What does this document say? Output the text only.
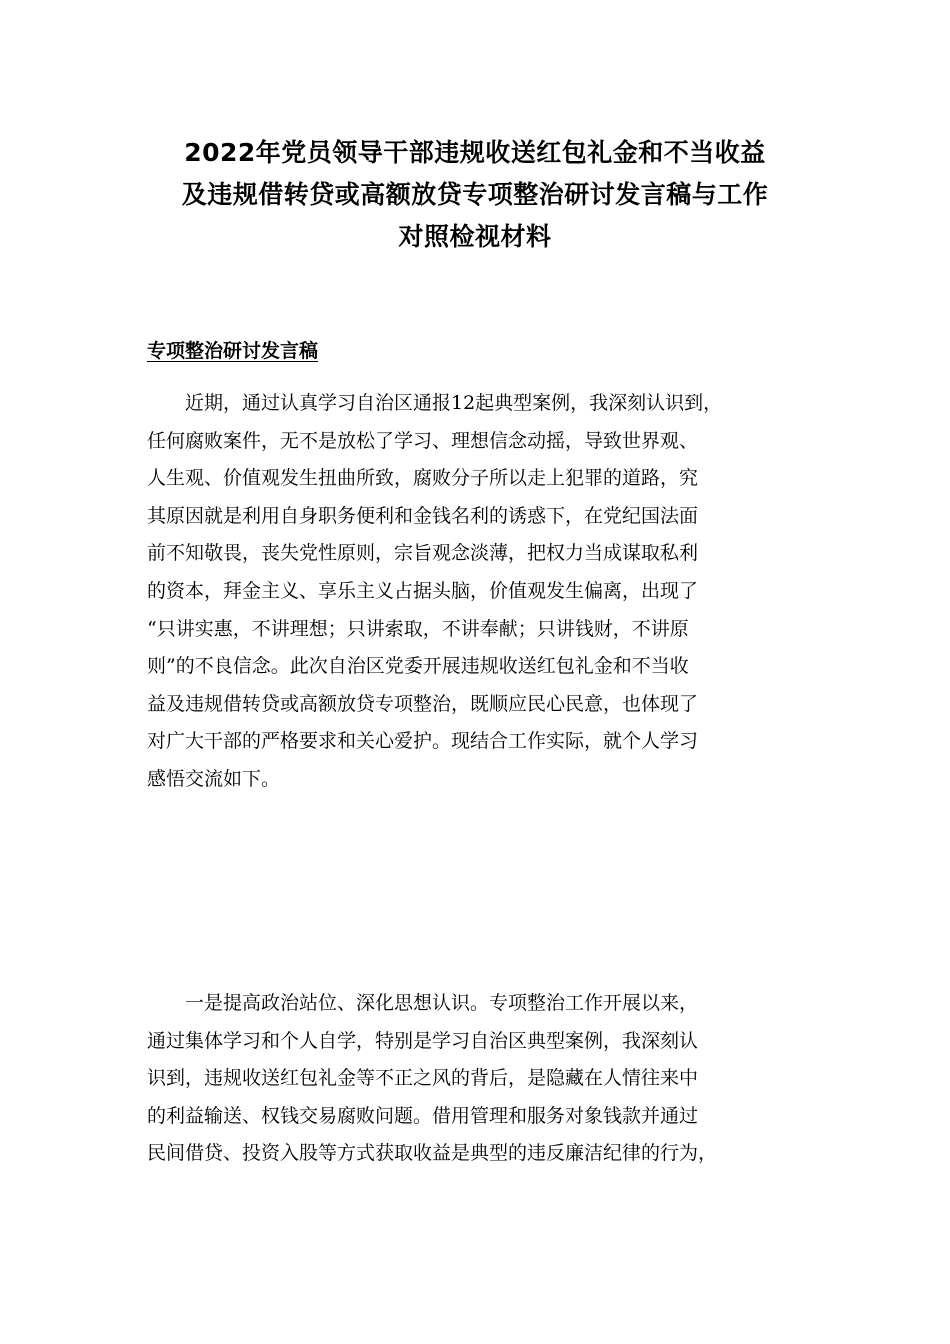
2022年党员领导干部违规收送红包礼金和不当收益
及违规借转贷或高额放贷专项整治研讨发言稿与工作
对照检视材料
专项整治研讨发言稿

　　近期，通过认真学习自治区通报12起典型案例，我深刻认识到，
任何腐败案件，无不是放松了学习、理想信念动摇，导致世界观、
人生观、价值观发生扭曲所致，腐败分子所以走上犯罪的道路，究
其原因就是利用自身职务便利和金钱名利的诱惑下，在党纪国法面
前不知敬畏，丧失党性原则，宗旨观念淡薄，把权力当成谋取私利
的资本，拜金主义、享乐主义占据头脑，价值观发生偏离，出现了
“只讲实惠，不讲理想；只讲索取，不讲奉献；只讲钱财，不讲原
则”的不良信念。此次自治区党委开展违规收送红包礼金和不当收
益及违规借转贷或高额放贷专项整治，既顺应民心民意，也体现了
对广大干部的严格要求和关心爱护。现结合工作实际，就个人学习
感悟交流如下。

　　一是提高政治站位、深化思想认识。专项整治工作开展以来，
通过集体学习和个人自学，特别是学习自治区典型案例，我深刻认
识到，违规收送红包礼金等不正之风的背后，是隐藏在人情往来中
的利益输送、权钱交易腐败问题。借用管理和服务对象钱款并通过
民间借贷、投资入股等方式获取收益是典型的违反廉洁纪律的行为，
